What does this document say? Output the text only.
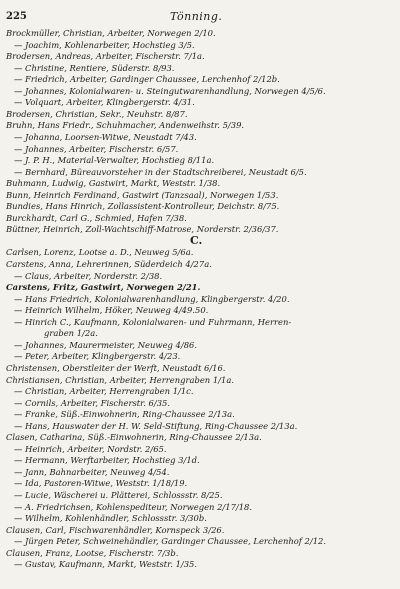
225	Tönning.
Brockmüller, Christian, Arbeiter, Norwegen 2/10.
— Joachim, Kohlenarbeiter, Hochstieg 3/5.
Brodersen, Andreas, Arbeiter, Fischerstr. 7/1a.
— Christine, Rentiere, Süderstr. 8/93.
— Friedrich, Arbeiter, Gardinger Chaussee, Lerchenhof 2/12b.
— Johannes, Kolonialwaren- u. Steingutwarenhandlung, Norwegen 4/5/6.
— Volquart, Arbeiter, Klingbergerstr. 4/31.
Brodersen, Christian, Sekr., Neuhstr. 8/87.
Bruhn, Hans Friedr., Schuhmacher, Andenweihstr. 5/39.
— Johanna, Loorsen-Witwe, Neustadt 7/43.
— Johannes, Arbeiter, Fischerstr. 6/57.
— J. P. H., Material-Verwalter, Hochstieg 8/11a.
— Bernhard, Büreauvorsteher in der Stadtschreiberei, Neustadt 6/5.
Buhmann, Ludwig, Gastwirt, Markt, Weststr. 1/38.
Bunn, Heinrich Ferdinand, Gastwirt (Tanzsaal), Norwegen 1/53.
Bundies, Hans Hinrich, Zollassistent-Kontrolleur, Deichstr. 8/75.
Burckhardt, Carl G., Schmied, Hafen 7/38.
Büttner, Heinrich, Zoll-Wachtschiff-Matrose, Norderstr. 2/36/37.
C.
Carlsen, Lorenz, Lootse a. D., Neuweg 5/6a.
Carstens, Anna, Lehrerinnen, Süderdeich 4/27a.
— Claus, Arbeiter, Norderstr. 2/38.
Carstens, Fritz, Gastwirt, Norwegen 2/21.
— Hans Friedrich, Kolonialwarenhandlung, Klingbergerstr. 4/20.
— Heinrich Wilhelm, Höker, Neuweg 4/49.50.
— Hinrich C., Kaufmann, Kolonialwaren- und Fuhrmann, Herren-
graben 1/2a.
— Johannes, Maurermeister, Neuweg 4/86.
— Peter, Arbeiter, Klingbergerstr. 4/23.
Christensen, Oberstleiter der Werft, Neustadt 6/16.
Christiansen, Christian, Arbeiter, Herrengraben 1/1a.
— Christian, Arbeiter, Herrengraben 1/1c.
— Cornils, Arbeiter, Fischerstr. 6/35.
— Franke, Süß.-Einwohnerin, Ring-Chaussee 2/13a.
— Hans, Hauswater der H. W. Seld-Stiftung, Ring-Chaussee 2/13a.
Clasen, Catharina, Süß.-Einwohnerin, Ring-Chaussee 2/13a.
— Heinrich, Arbeiter, Nordstr. 2/65.
— Hermann, Werftarbeiter, Hochstieg 3/1d.
— Jann, Bahnarbeiter, Neuweg 4/54.
— Ida, Pastoren-Witwe, Weststr. 1/18/19.
— Lucie, Wäscherei u. Plätterei, Schlossstr. 8/25.
— A. Friedrichsen, Kohlenspediteur, Norwegen 2/17/18.
— Wilhelm, Kohlenhändler, Schlossstr. 3/30b.
Clausen, Carl, Fischwarenhändler, Kornspeck 3/26.
— Jürgen Peter, Schweinehändler, Gardinger Chaussee, Lerchenhof 2/12.
Clausen, Franz, Lootse, Fischerstr. 7/3b.
— Gustav, Kaufmann, Markt, Weststr. 1/35.
